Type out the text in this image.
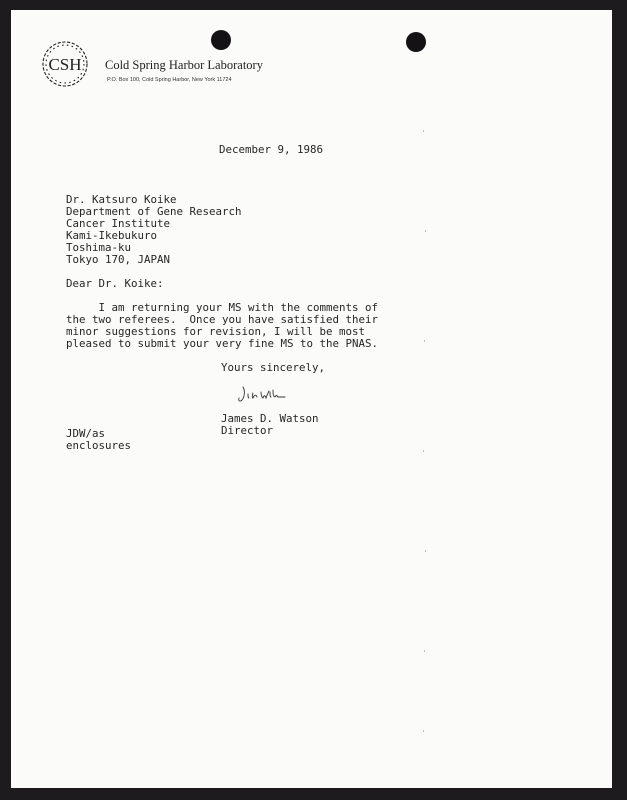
CSH Cold Spring Harbor Laboratory
P.O. Box 100, Cold Spring Harbor, New York 11724
December 9, 1986
Dr. Katsuro Koike
Department of Gene Research
Cancer Institute
Kami-Ikebukuro
Toshima-ku
Tokyo 170, JAPAN
Dear Dr. Koike:
I am returning your MS with the comments of
the two referees.  Once you have satisfied their
minor suggestions for revision, I will be most
pleased to submit your very fine MS to the PNAS.
Yours sincerely,
James D. Watson
Director
JDW/as
enclosures
